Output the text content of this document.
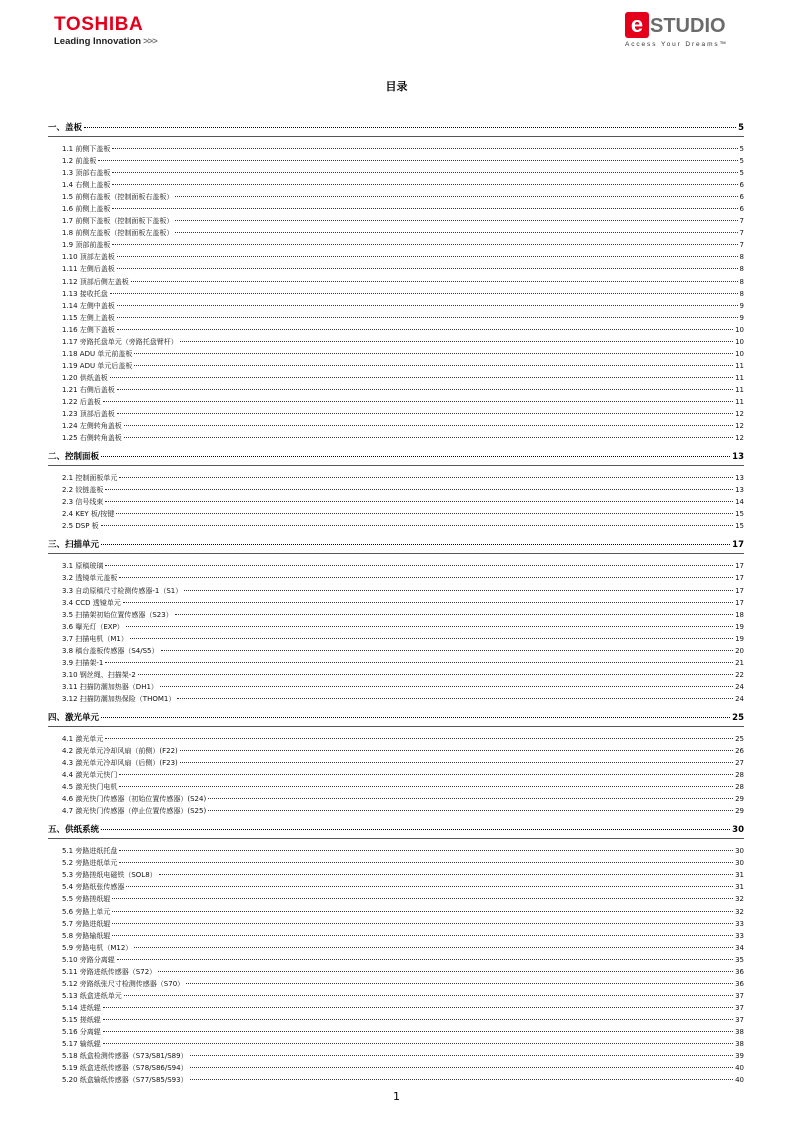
TOSHIBA
Leading Innovation >>>
e STUDIO
Access Your Dreams™
目录
一、盖板	5
1.1 前侧下盖板	5
1.2 前盖板	5
1.3 顶部右盖板	5
1.4 右侧上盖板	6
1.5 前侧右盖板（控制面板右盖板）	6
1.6 前侧上盖板	6
1.7 前侧下盖板（控制面板下盖板）	7
1.8 前侧左盖板（控制面板左盖板）	7
1.9 顶部前盖板	7
1.10 顶部左盖板	8
1.11 左侧后盖板	8
1.12 顶部后侧左盖板	8
1.13 接收托盘	8
1.14 左侧中盖板	9
1.15 左侧上盖板	9
1.16 左侧下盖板	10
1.17 旁路托盘单元（旁路托盘臂杆）	10
1.18 ADU 单元前盖板	10
1.19 ADU 单元后盖板	11
1.20 供纸盖板	11
1.21 右侧后盖板	11
1.22 后盖板	11
1.23 顶部后盖板	12
1.24 左侧转角盖板	12
1.25 右侧转角盖板	12
二、控制面板	13
2.1 控制面板单元	13
2.2 铰链盖板	13
2.3 信号线束	14
2.4 KEY 板/按键	15
2.5 DSP 板	15
三、扫描单元	17
3.1 原稿玻璃	17
3.2 透镜单元盖板	17
3.3 自动原稿尺寸检测传感器-1（S1）	17
3.4 CCD 透镜单元	17
3.5 扫描架初始位置传感器（S23）	18
3.6 曝光灯（EXP）	19
3.7 扫描电机（M1）	19
3.8 稿台盖板传感器（S4/S5）	20
3.9 扫描架-1	21
3.10 钢丝绳、扫描架-2	22
3.11 扫描防潮加热器（DH1）	24
3.12 扫描防潮加热保险（THOM1）	24
四、激光单元	25
4.1 激光单元	25
4.2 激光单元冷却风扇（前侧）(F22)	26
4.3 激光单元冷却风扇（后侧）(F23)	27
4.4 激光单元快门	28
4.5 激光快门电机	28
4.6 激光快门传感器（初始位置传感器）(S24)	29
4.7 激光快门传感器（停止位置传感器）(S25)	29
五、供纸系统	30
5.1 旁路进纸托盘	30
5.2 旁路进纸单元	30
5.3 旁路搓纸电磁铁（SOL8）	31
5.4 旁路纸张传感器	31
5.5 旁路搓纸辊	32
5.6 旁路上单元	32
5.7 旁路进纸辊	33
5.8 旁路输纸辊	33
5.9 旁路电机（M12）	34
5.10 旁路分离辊	35
5.11 旁路进纸传感器（S72）	36
5.12 旁路纸张尺寸检测传感器（S70）	36
5.13 纸盒进纸单元	37
5.14 进纸辊	37
5.15 搓纸辊	37
5.16 分离辊	38
5.17 输纸辊	38
5.18 纸盒检测传感器（S73/S81/S89）	39
5.19 纸盒进纸传感器（S78/S86/S94）	40
5.20 纸盒输纸传感器（S77/S85/S93）	40
1
